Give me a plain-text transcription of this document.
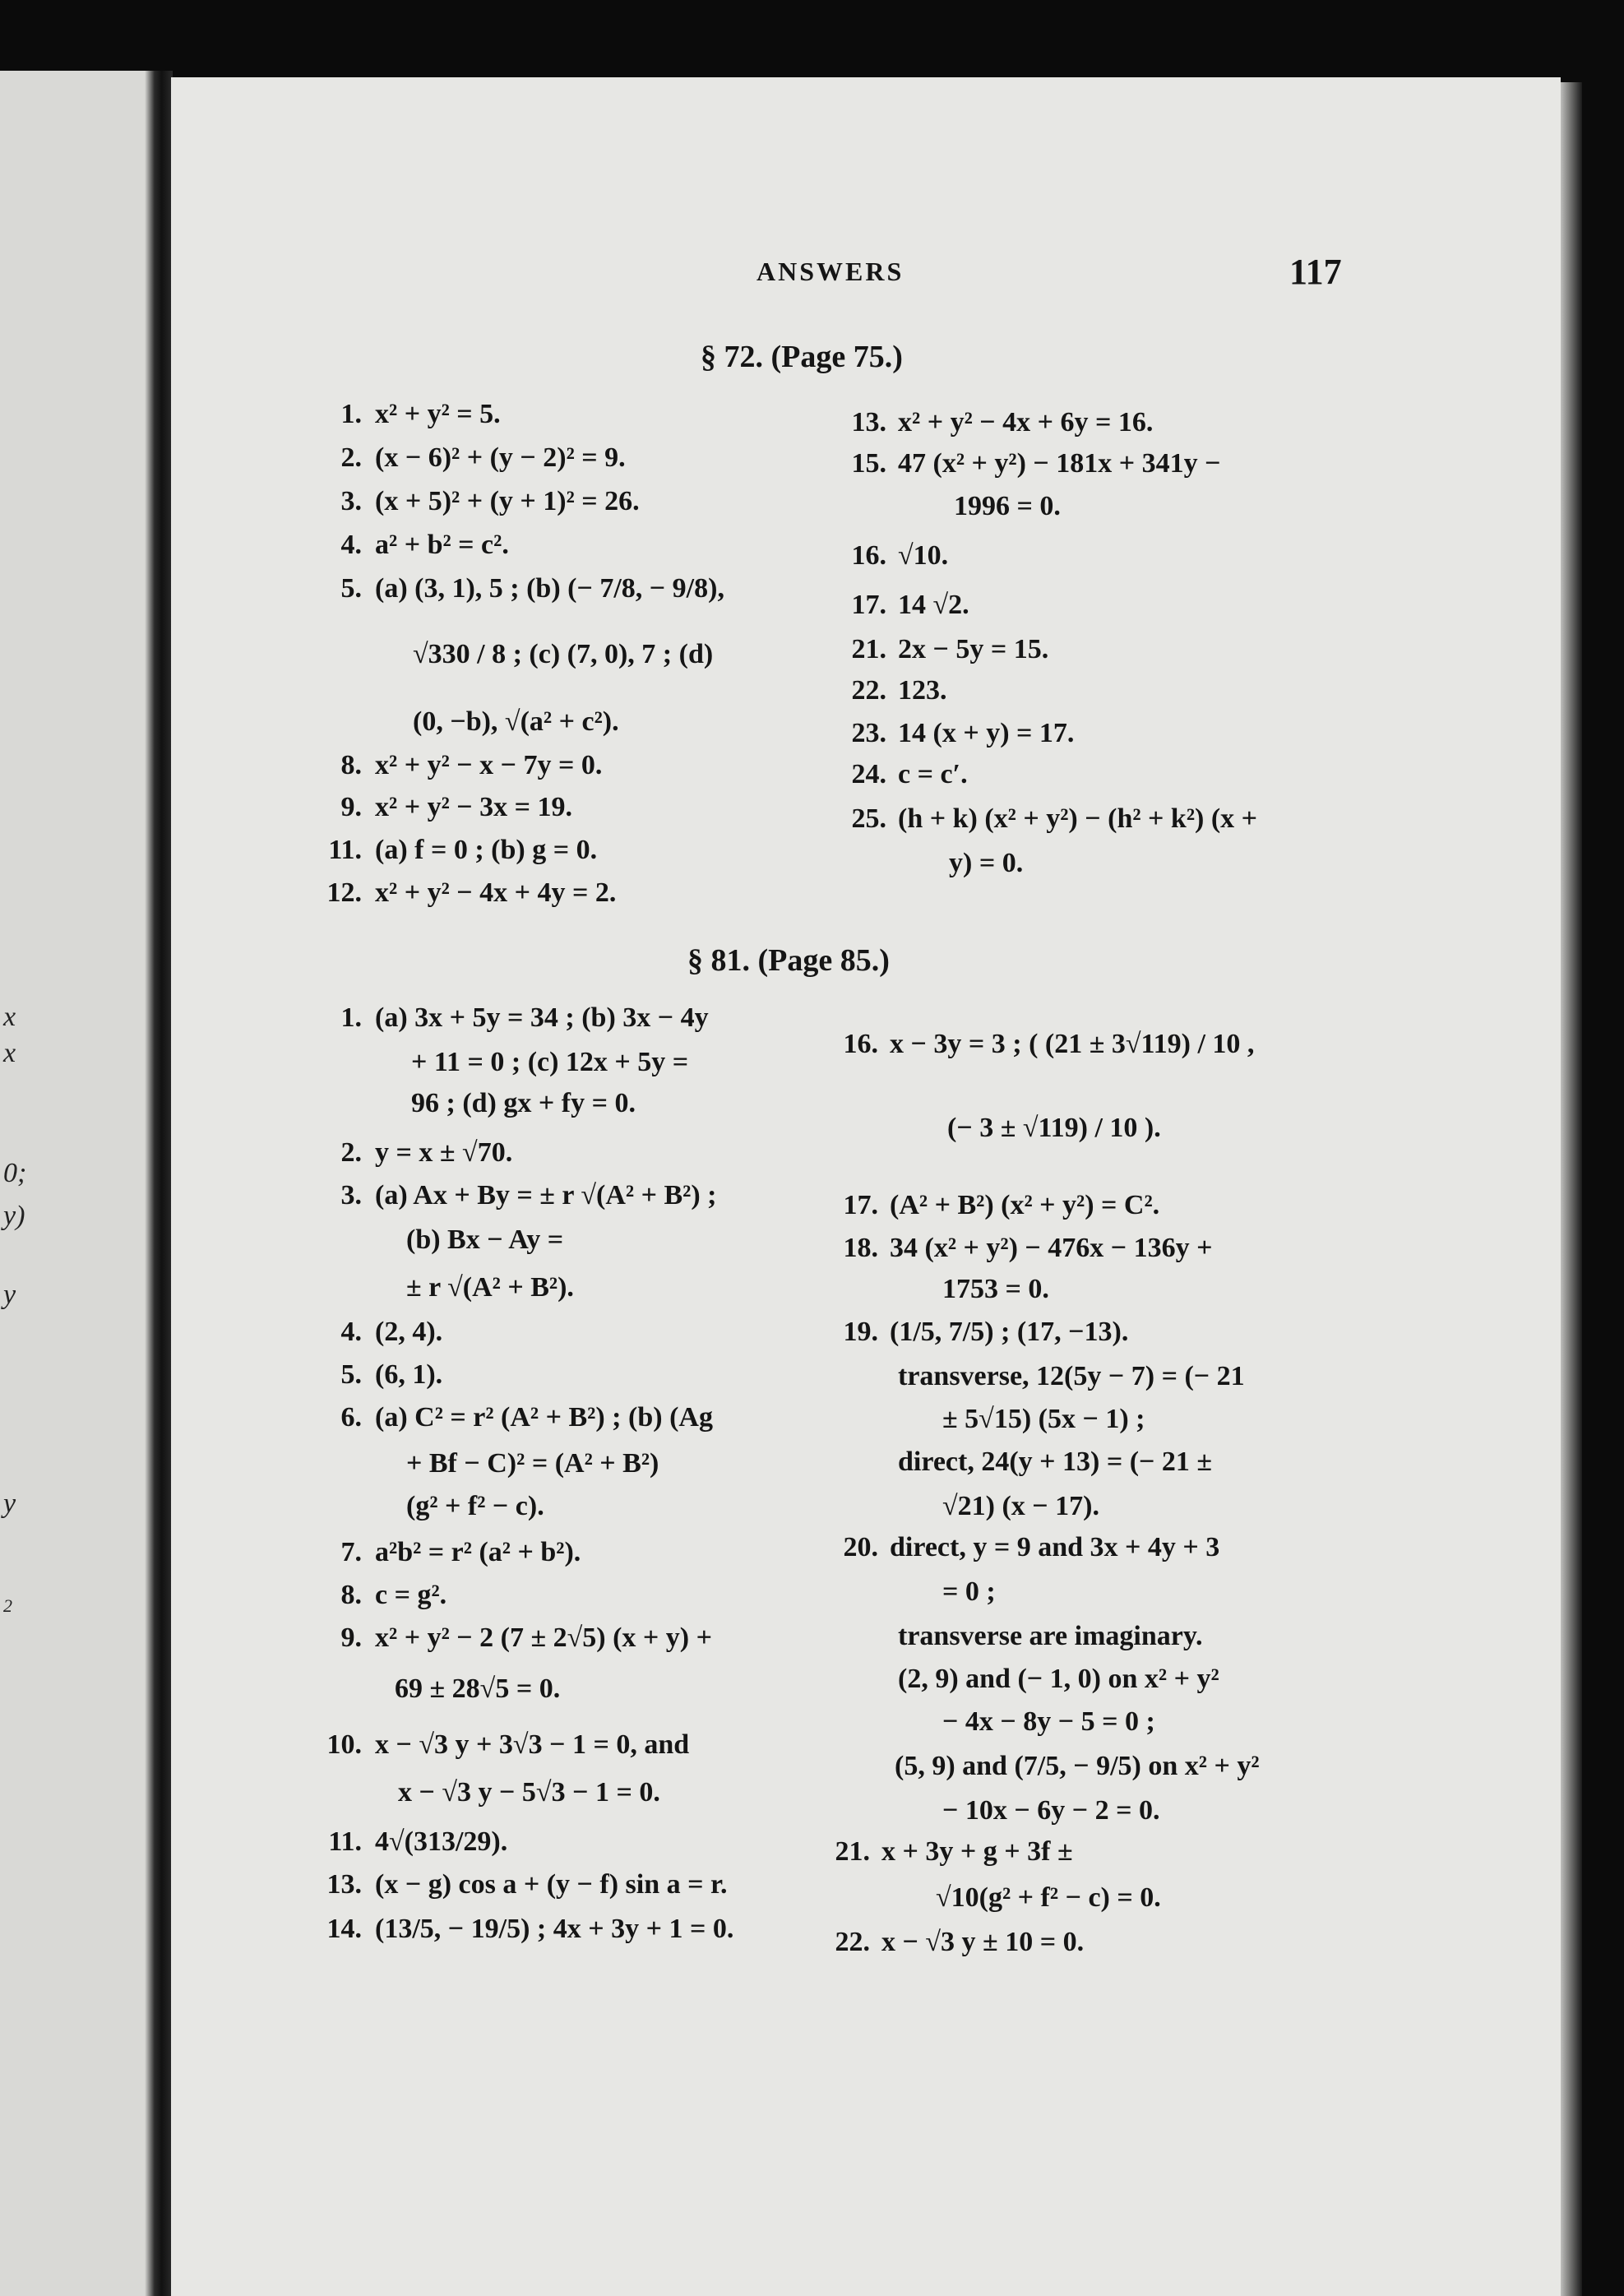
x
x
0;
y)
y
y
2
ANSWERS	117
§ 72. (Page 75.)
1. x² + y² = 5.
2. (x − 6)² + (y − 2)² = 9.
3. (x + 5)² + (y + 1)² = 26.
4. a² + b² = c².
5. (a) (3, 1), 5 ; (b) (− 7/8, − 9/8),
√330 / 8 ; (c) (7, 0), 7 ; (d)
(0, −b), √(a² + c²).
8. x² + y² − x − 7y = 0.
9. x² + y² − 3x = 19.
11. (a) f = 0 ; (b) g = 0.
12. x² + y² − 4x + 4y = 2.
13. x² + y² − 4x + 6y = 16.
15. 47 (x² + y²) − 181x + 341y −
1996 = 0.
16. √10.
17. 14 √2.
21. 2x − 5y = 15.
22. 123.
23. 14 (x + y) = 17.
24. c = c′.
25. (h + k) (x² + y²) − (h² + k²) (x +
y) = 0.
§ 81. (Page 85.)
1. (a) 3x + 5y = 34 ; (b) 3x − 4y
+ 11 = 0 ; (c) 12x + 5y =
96 ; (d) gx + fy = 0.
2. y = x ± √70.
3. (a) Ax + By = ± r √(A² + B²) ;
(b) Bx − Ay =
± r √(A² + B²).
4. (2, 4).
5. (6, 1).
6. (a) C² = r² (A² + B²) ; (b) (Ag
+ Bf − C)² = (A² + B²)
(g² + f² − c).
7. a²b² = r² (a² + b²).
8. c = g².
9. x² + y² − 2 (7 ± 2√5) (x + y) +
69 ± 28√5 = 0.
10. x − √3 y + 3√3 − 1 = 0, and
x − √3 y − 5√3 − 1 = 0.
11. 4√(313/29).
13. (x − g) cos a + (y − f) sin a = r.
14. (13/5, − 19/5) ; 4x + 3y + 1 = 0.
16. x − 3y = 3 ; ( (21 ± 3√119) / 10 ,
(− 3 ± √119) / 10 ).
17. (A² + B²) (x² + y²) = C².
18. 34 (x² + y²) − 476x − 136y +
1753 = 0.
19. (1/5, 7/5) ; (17, −13).
transverse, 12(5y − 7) = (− 21
± 5√15) (5x − 1) ;
direct, 24(y + 13) = (− 21 ±
√21) (x − 17).
20. direct, y = 9 and 3x + 4y + 3
= 0 ;
transverse are imaginary.
(2, 9) and (− 1, 0) on x² + y²
− 4x − 8y − 5 = 0 ;
(5, 9) and (7/5, − 9/5) on x² + y²
− 10x − 6y − 2 = 0.
21. x + 3y + g + 3f ±
√10(g² + f² − c) = 0.
22. x − √3 y ± 10 = 0.
